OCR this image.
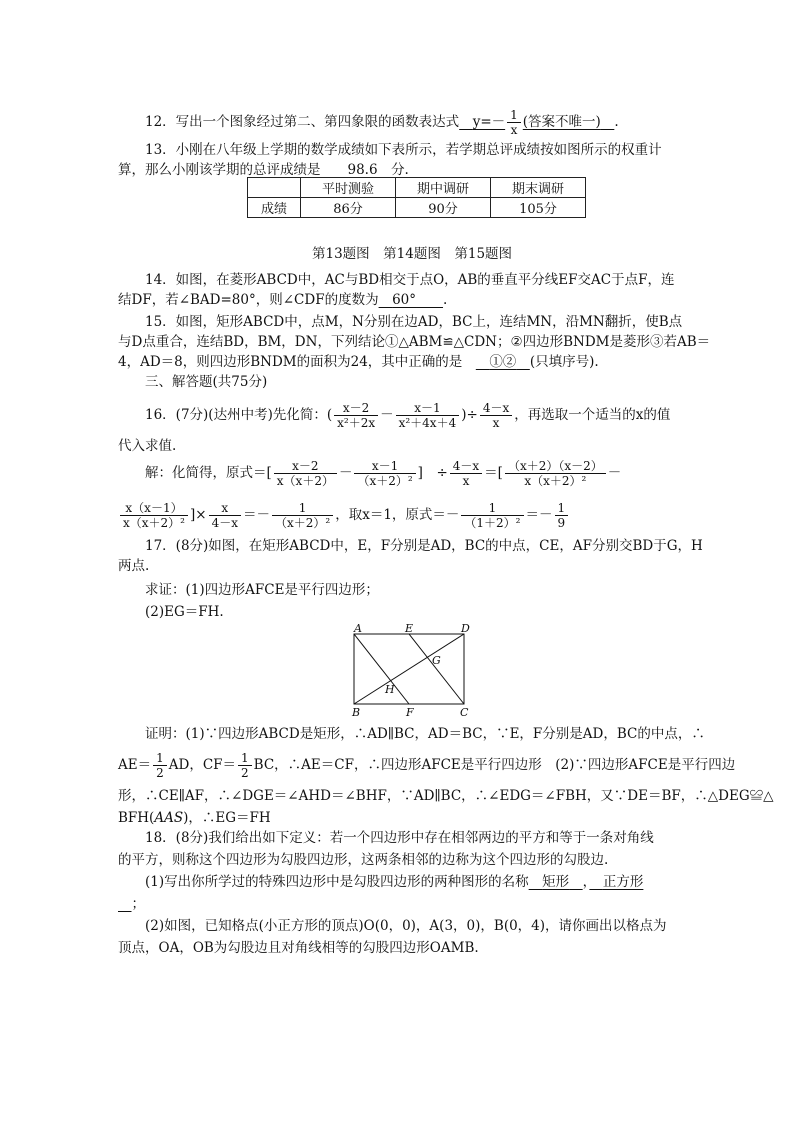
12．写出一个图象经过第二、第四象限的函数表达式　 $y=- \frac{1}{x}$ (答案不唯一)　 .
13．小刚在八年级上学期的数学成绩如下表所示，若学期总评成绩按如图所示的权重计
算，那么小刚该学期的总评成绩是　　 98.6　 分.
	平时测验	期中调研	期末调研
成绩	86分	90分	105分
第13题图　第14题图　第15题图
14．如图，在菱形ABCD中，AC与BD相交于点O，AB的垂直平分线EF交AC于点F，连
结DF，若∠BAD=80°，则∠CDF的度数为　 60°　　 .
15．如图，矩形ABCD中，点M，N分别在边AD，BC上，连结MN，沿MN翻折，使B点
与D点重合，连结BD，BM，DN，下列结论①△ABM≌△CDN；②四边形BNDM是菱形③若AB＝
4，AD＝8，则四边形BNDM的面积为24，其中正确的是　　 ①②　 (只填序号).
三、解答题(共75分)
16．(7分)(达州中考)先化简：( $\frac{x-2}{\text{x²＋2x}} - \frac{x-1}{\text{x²＋4x＋4}}$ )÷ $\frac{4-x}{x}$ ，再选取一个适当的x的值
代入求值.
解：化简得，原式＝[ $\frac{x-2}{x(x+2)} - \frac{x-1}{\text{（x＋2）²}}$ ]　÷ $\frac{4-x}{x}$ ＝[ $\frac{(x+2)(x-2)}{\text{x（x＋2）²}}$ －
$\frac{x(x-1)}{\text{x（x＋2）²}}$ ]× $\frac{x}{4-x} =- \frac{1}{\text{（x＋2）²}}$ ，取x＝1，原式＝－ $\frac{1}{\text{（1＋2）²}} =- \frac{1}{9}$
17．(8分)如图，在矩形ABCD中，E，F分别是AD，BC的中点，CE，AF分别交BD于G，H
两点.
求证：(1)四边形AFCE是平行四边形；
(2)EG＝FH.
A	E	D
G
H
B	F	C
证明：(1)∵四边形ABCD是矩形，∴AD∥BC，AD＝BC，∵E，F分别是AD，BC的中点，∴
$AE= \frac{1}{2}$ AD，$CF= \frac{1}{2}$ BC，∴AE＝CF，∴四边形AFCE是平行四边形　(2)∵四边形AFCE是平行四边
形，∴CE∥AF，∴∠DGE＝∠AHD＝∠BHF，∵AD∥BC，∴∠EDG＝∠FBH，又∵DE＝BF，∴△DEG≌△
BFH(AAS)，∴EG＝FH
18．(8分)我们给出如下定义：若一个四边形中存在相邻两边的平方和等于一条对角线
的平方，则称这个四边形为勾股四边形，这两条相邻的边称为这个四边形的勾股边.
(1)写出你所学过的特殊四边形中是勾股四边形的两种图形的名称　 矩形　 ，　 正方形
　；
(2)如图，已知格点(小正方形的顶点)O(0，0)，A(3，0)，B(0，4)，请你画出以格点为
顶点，OA，OB为勾股边且对角线相等的勾股四边形OAMB.
